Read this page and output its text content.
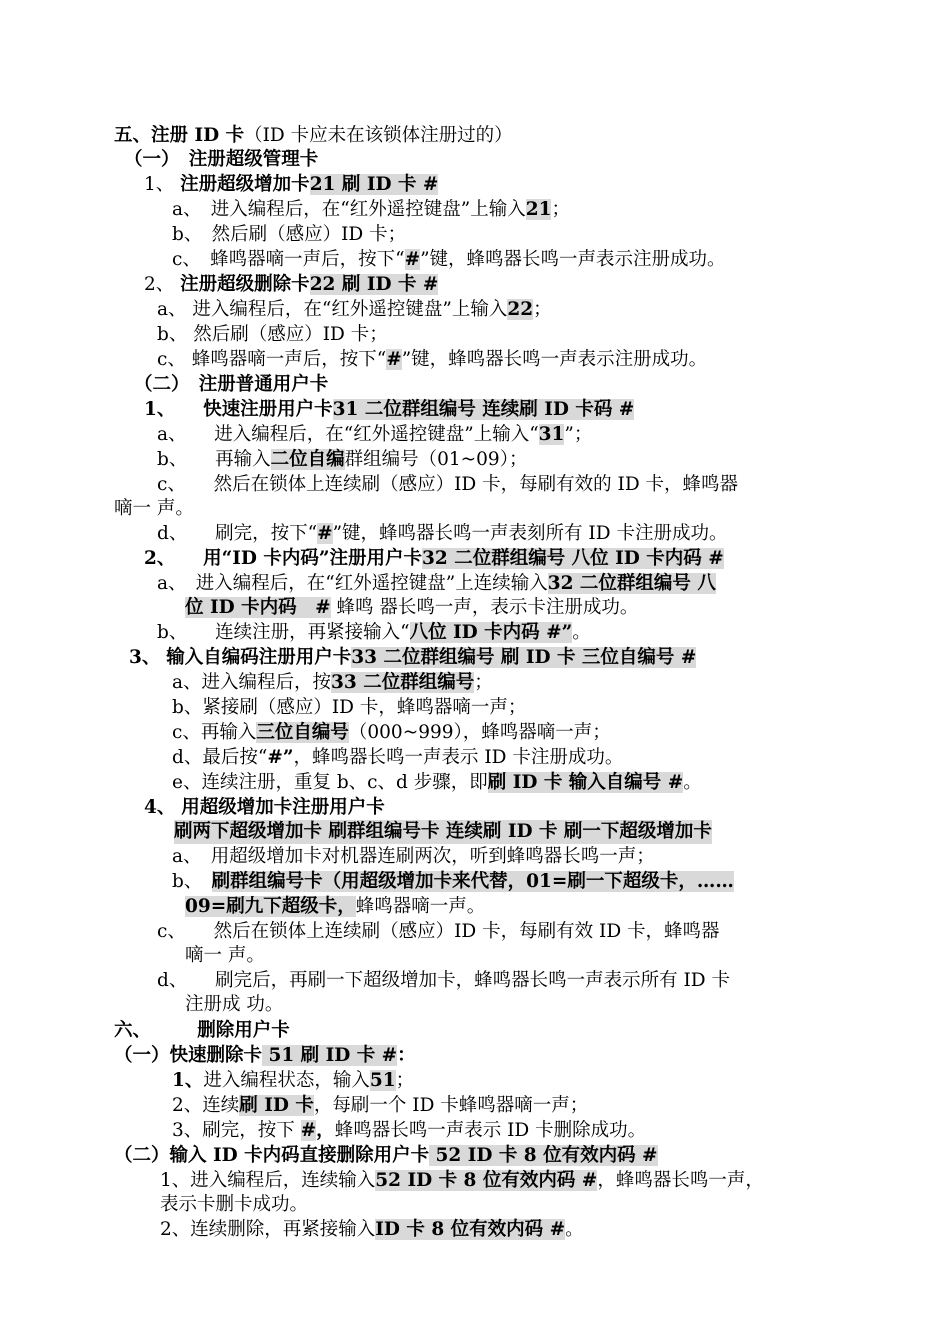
五、注册 ID 卡（ID 卡应未在该锁体注册过的）
（一）　注册超级管理卡
1、 注册超级增加卡21 刷 ID 卡 #
a、　进入编程后，在“红外遥控键盘”上输入21；
b、　然后刷（感应）ID 卡；
c、　蜂鸣器嘀一声后，按下“#”键，蜂鸣器长鸣一声表示注册成功。
2、 注册超级删除卡22 刷 ID 卡 #
a、 进入编程后，在“红外遥控键盘”上输入22；
b、 然后刷（感应）ID 卡；
c、 蜂鸣器嘀一声后，按下“#”键，蜂鸣器长鸣一声表示注册成功。
（二）　注册普通用户卡
1、　　快速注册用户卡31 二位群组编号 连续刷 ID 卡码 #
a、　　进入编程后，在“红外遥控键盘”上输入“31”；
b、　　再输入二位自编群组编号（01~09）；
c、　　然后在锁体上连续刷（感应）ID 卡，每刷有效的 ID 卡，蜂鸣器
嘀一 声。
d、　　刷完，按下“#”键，蜂鸣器长鸣一声表刻所有 ID 卡注册成功。
2、　　用“ID 卡内码”注册用户卡32 二位群组编号 八位 ID 卡内码 #
a、　进入编程后，在“红外遥控键盘”上连续输入32 二位群组编号 八
位 ID 卡内码　# 蜂鸣 器长鸣一声，表示卡注册成功。
b、　　连续注册，再紧接输入“八位 ID 卡内码 #”。
3、 输入自编码注册用户卡33 二位群组编号 刷 ID 卡 三位自编号 #
a、进入编程后，按33 二位群组编号；
b、紧接刷（感应）ID 卡，蜂鸣器嘀一声；
c、再输入三位自编号（000~999），蜂鸣器嘀一声；
d、最后按“#”，蜂鸣器长鸣一声表示 ID 卡注册成功。
e、连续注册，重复 b、c、d 步骤，即刷 ID 卡 输入自编号 #。
4、 用超级增加卡注册用户卡
刷两下超级增加卡 刷群组编号卡 连续刷 ID 卡 刷一下超级增加卡
a、　用超级增加卡对机器连刷两次，听到蜂鸣器长鸣一声；
b、　刷群组编号卡（用超级增加卡来代替，01=刷一下超级卡，……
09=刷九下超级卡，蜂鸣器嘀一声。
c、　　然后在锁体上连续刷（感应）ID 卡，每刷有效 ID 卡，蜂鸣器
嘀一 声。
d、　　刷完后，再刷一下超级增加卡，蜂鸣器长鸣一声表示所有 ID 卡
注册成 功。
六、　　　删除用户卡
（一）快速删除卡 51 刷 ID 卡 #：
1、进入编程状态，输入51；
2、连续刷 ID 卡，每刷一个 ID 卡蜂鸣器嘀一声；
3、刷完，按下 #，蜂鸣器长鸣一声表示 ID 卡删除成功。
（二）输入 ID 卡内码直接删除用户卡 52 ID 卡 8 位有效内码 #
1、进入编程后，连续输入52 ID 卡 8 位有效内码 #，蜂鸣器长鸣一声，
表示卡删卡成功。
2、连续删除，再紧接输入ID 卡 8 位有效内码 #。
